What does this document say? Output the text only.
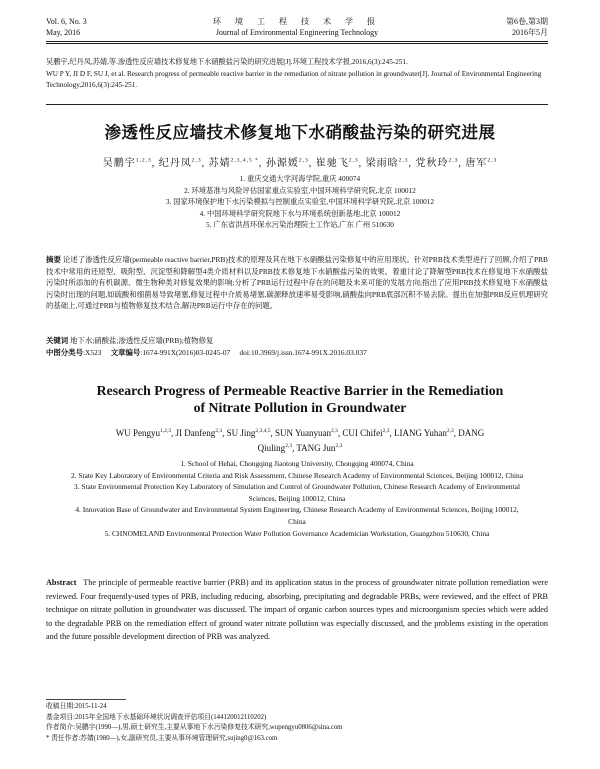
Vol. 6, No. 3
May, 2016
环 境 工 程 技 术 学 报
Journal of Environmental Engineering Technology
第6卷,第3期
2016年5月
吴鹏宇,纪丹凤,苏婧,等.渗透性反应墙技术修复地下水硝酸盐污染的研究进展[J].环境工程技术学报,2016,6(3):245-251.
WU P Y, JI D F, SU J, et al. Research progress of permeable reactive barrier in the remediation of nitrate pollution in groundwater[J]. Journal of Environmental Engineering Technology,2016,6(3):245-251.
渗透性反应墙技术修复地下水硝酸盐污染的研究进展
吴鹏宇$^{1,2,3}$, 纪丹凤$^{2,3}$, 苏婧$^{2,3,4,5 *}$, 孙源媛$^{2,3}$, 崔驰飞$^{2,3}$, 梁雨晗$^{2,3}$, 党秋玲$^{2,3}$, 唐军$^{2,3}$
1. 重庆交通大学河海学院,重庆 400074
2. 环境基准与风险评估国家重点实验室,中国环境科学研究院,北京 100012
3. 国家环境保护地下水污染模拟与控制重点实验室,中国环境科学研究院,北京 100012
4. 中国环境科学研究院地下水与环境系统创新基地,北京 100012
5. 广东省洪昌环保水污染治理院士工作站,广东 广州 510630
摘要 论述了渗透性反应墙(permeable reactive barrier,PRB)技术的原理及其在地下水硝酸盐污染修复中的应用现状。针对PRB技术类型进行了回顾,介绍了PRB技术中常用的还原型、吸附型、沉淀型和降解型4类介质材料以及PRB技术修复地下水硝酸盐污染的效果。着重讨论了降解型PRB技术在修复地下水硝酸盐污染时所添加的有机碳源、微生物种类对修复效果的影响;分析了PRB运行过程中存在的问题及未来可能的发展方向;指出了应用PRB技术修复地下水硝酸盐污染时出现的问题,如硫酸和细菌易导致堵塞,修复过程中介质易堵塞,碳源释放速率易受影响,硝酸盐向PRB底部沉积不易去除。提出在加强PRB反应机理研究的基础上,可通过PRB与植物修复技术结合,解决PRB运行中存在的问题。
关键词 地下水;硝酸盐;渗透性反应墙(PRB);植物修复
中图分类号:X523 文章编号:1674-991X(2016)03-0245-07 doi:10.3969/j.issn.1674-991X.2016.03.037
Research Progress of Permeable Reactive Barrier in the Remediation of Nitrate Pollution in Groundwater
WU Pengyu$^{1,2,3}$, JI Danfeng$^{2,3}$, SU Jing$^{2,3,4,5}$, SUN Yuanyuan$^{2,3}$, CUI Chifei$^{2,3}$, LIANG Yuhan$^{2,3}$, DANG Qiuling$^{2,3}$, TANG Jun$^{2,3}$
1. School of Hehai, Chongqing Jiaotong University, Chongqing 400074, China
2. State Key Laboratory of Environmental Criteria and Risk Assessment, Chinese Research Academy of Environmental Sciences, Beijing 100012, China
3. State Environmental Protection Key Laboratory of Simulation and Control of Groundwater Pollution, Chinese Research Academy of Environmental Sciences, Beijing 100012, China
4. Innovation Base of Groundwater and Environmental System Engineering, Chinese Research Academy of Environmental Sciences, Beijing 100012, China
5. CHNOMELAND Environmental Protection Water Pollution Governance Academician Workstation, Guangzhou 510630, China
Abstract The principle of permeable reactive barrier (PRB) and its application status in the process of groundwater nitrate pollution remediation were reviewed. Four frequently-used types of PRB, including reducing, absorbing, precipitating and degradable PRBs, were reviewed, and the effect of PRB technique on nitrate pollution in groundwater was discussed. The impact of organic carbon sources types and microorganism species which were added to the degradable PRB on the remediation effect of ground water nitrate pollution was especially discussed, and the problems existing in the operation and the future possible development direction of PRB was analyzed.
收稿日期:2015-11-24
基金项目:2015年全国地下水基础环境状况调查评估项目(144120012110202)
作者简介:吴鹏宇(1990—),男,硕士研究生,主要从事地下水污染修复技术研究,wupengyu0806@sina.com
* 责任作者:苏婧(1980—),女,副研究员,主要从事环境管理研究,sujing0@163.com
